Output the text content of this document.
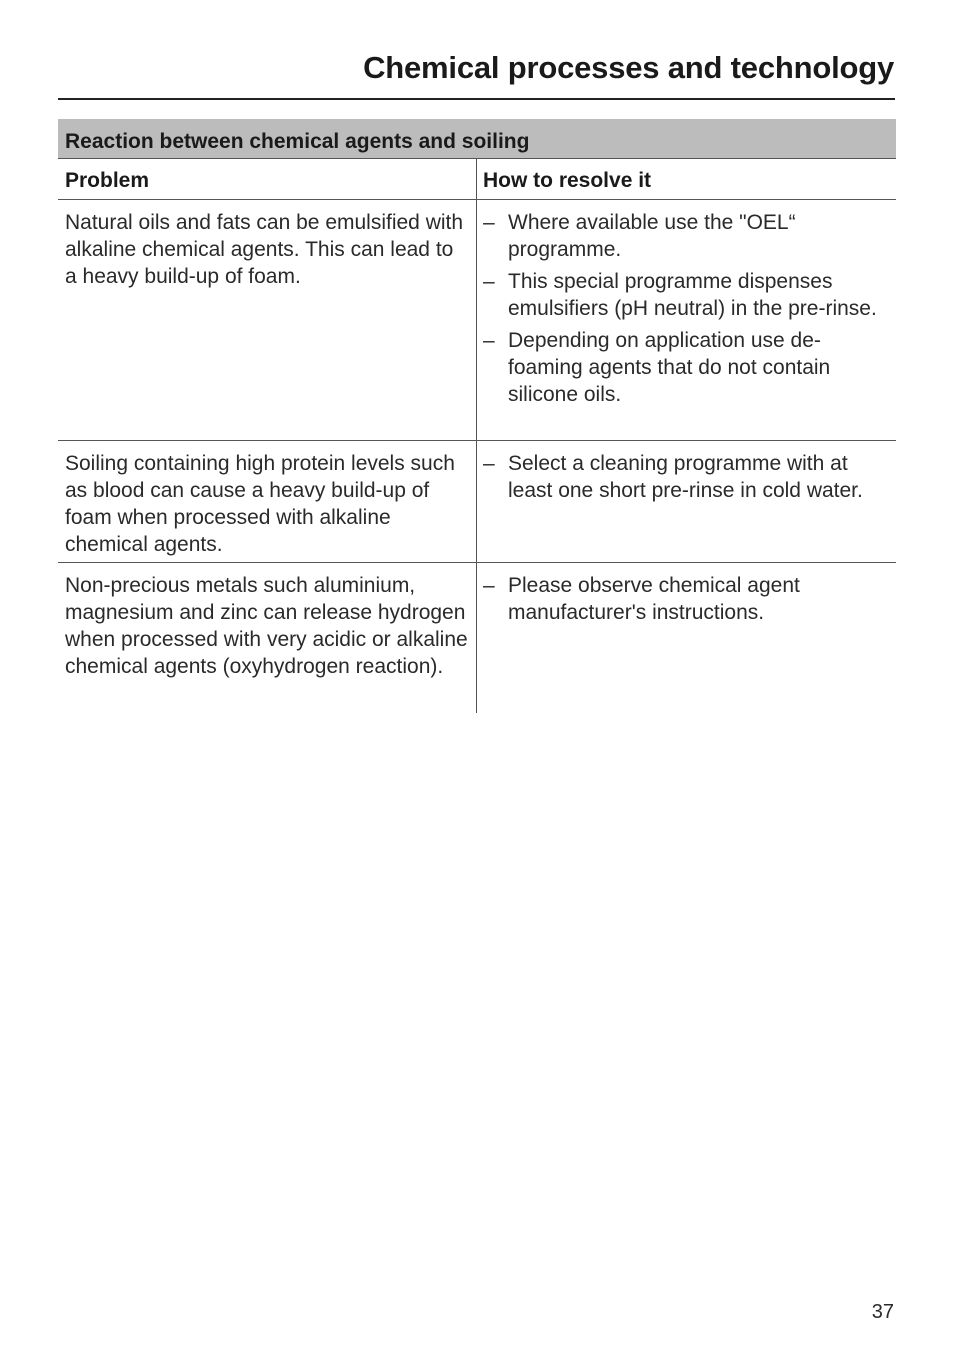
Chemical processes and technology
Reaction between chemical agents and soiling
Problem	How to resolve it
Natural oils and fats can be emulsified with alkaline chemical agents. This can lead to a heavy build-up of foam.
– Where available use the "OEL“ programme.
– This special programme dispenses emulsifiers (pH neutral) in the pre-rinse.
– Depending on application use de-foaming agents that do not contain silicone oils.
Soiling containing high protein levels such as blood can cause a heavy build-up of foam when processed with alkaline chemical agents.
– Select a cleaning programme with at least one short pre-rinse in cold water.
Non-precious metals such aluminium, magnesium and zinc can release hydrogen when processed with very acidic or alkaline chemical agents (oxyhydrogen reaction).
– Please observe chemical agent manufacturer's instructions.
37
